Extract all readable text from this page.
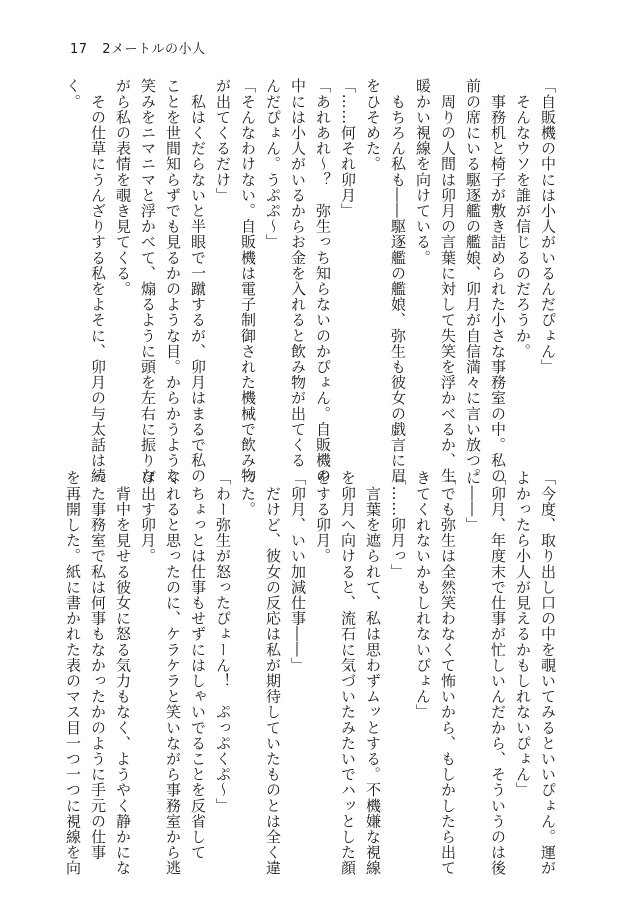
17 2メートルの小人

「自販機の中には小人がいるんだぴょん」

　そんなウソを誰が信じるのだろうか。

　事務机と椅子が敷き詰められた小さな事務室の中。私の

前の席にいる駆逐艦の艦娘、卯月が自信満々に言い放つ。

　周りの人間は卯月の言葉に対して失笑を浮かべるか、生

暖かい視線を向けている。

　もちろん私も――駆逐艦の艦娘、弥生も彼女の戯言に眉

をひそめた。

「……何それ卯月」

「あれあれ〜？　弥生っち知らないのかぴょん。自販機の

中には小人がいるからお金を入れると飲み物が出てくる

んだぴょん。うぷぷ〜」

「そんなわけない。自販機は電子制御された機械で飲み物

が出てくるだけ」

　私はくだらないと半眼で一蹴するが、卯月はまるで私の

ことを世間知らずでも見るかのような目。からかうような

笑みをニマニマと浮かべて、煽るように頭を左右に振りな

がら私の表情を覗き見てくる。

　その仕草にうんざりする私をよそに、卯月の与太話は続

く。

「今度、取り出し口の中を覗いてみるといいぴょん。運が

よかったら小人が見えるかもしれないぴょん」

「卯月、年度末で仕事が忙しいんだから、そういうのは後

に――」

「でも弥生は全然笑わなくて怖いから、もしかしたら出て

きてくれないかもしれないぴょん」

「……卯月っ」

　言葉を遮られて、私は思わずムッとする。不機嫌な視線

を卯月へ向けると、流石に気づいたみたいでハッとした顔

をする卯月。

「卯月、いい加減仕事――」

　だけど、彼女の反応は私が期待していたものとは全く違

った。

「わー弥生が怒ったぴょーん！　ぷっぷくぷ〜」

　ちょっとは仕事もせずにはしゃいでることを反省して

くれると思ったのに、ケラケラと笑いながら事務室から逃

げ出す卯月。

　背中を見せる彼女に怒る気力もなく、ようやく静かにな

った事務室で私は何事もなかったかのように手元の仕事

を再開した。紙に書かれた表のマス目一つ一つに視線を向
